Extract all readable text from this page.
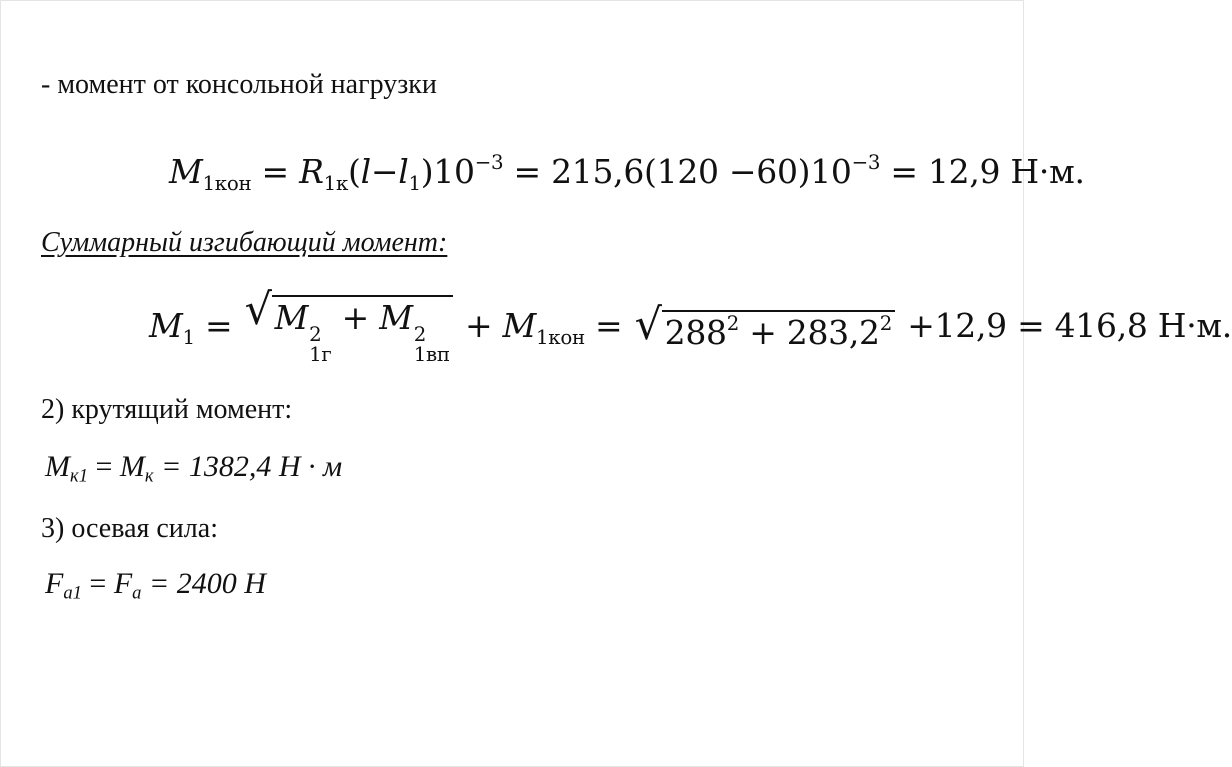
- момент от консольной нагрузки
$M_{1кон} = R_{1к}(l-l_1)10^{-3} = 215,6(120 -60)10^{-3} = 12,9$ Н·м.
Суммарный изгибающий момент:
$M_1$ = √ M 2
1г
+ M 2
1вп
+ $M_{1кон}$ = √ $288^2 + 283,2^2 +12,9 = 416,8$ Н·м.
2) крутящий момент:
$M_{к1} = M_к = 1382,4$ Н · м
3) осевая сила:
$F_{a1} = F_a = 2400$ Н
